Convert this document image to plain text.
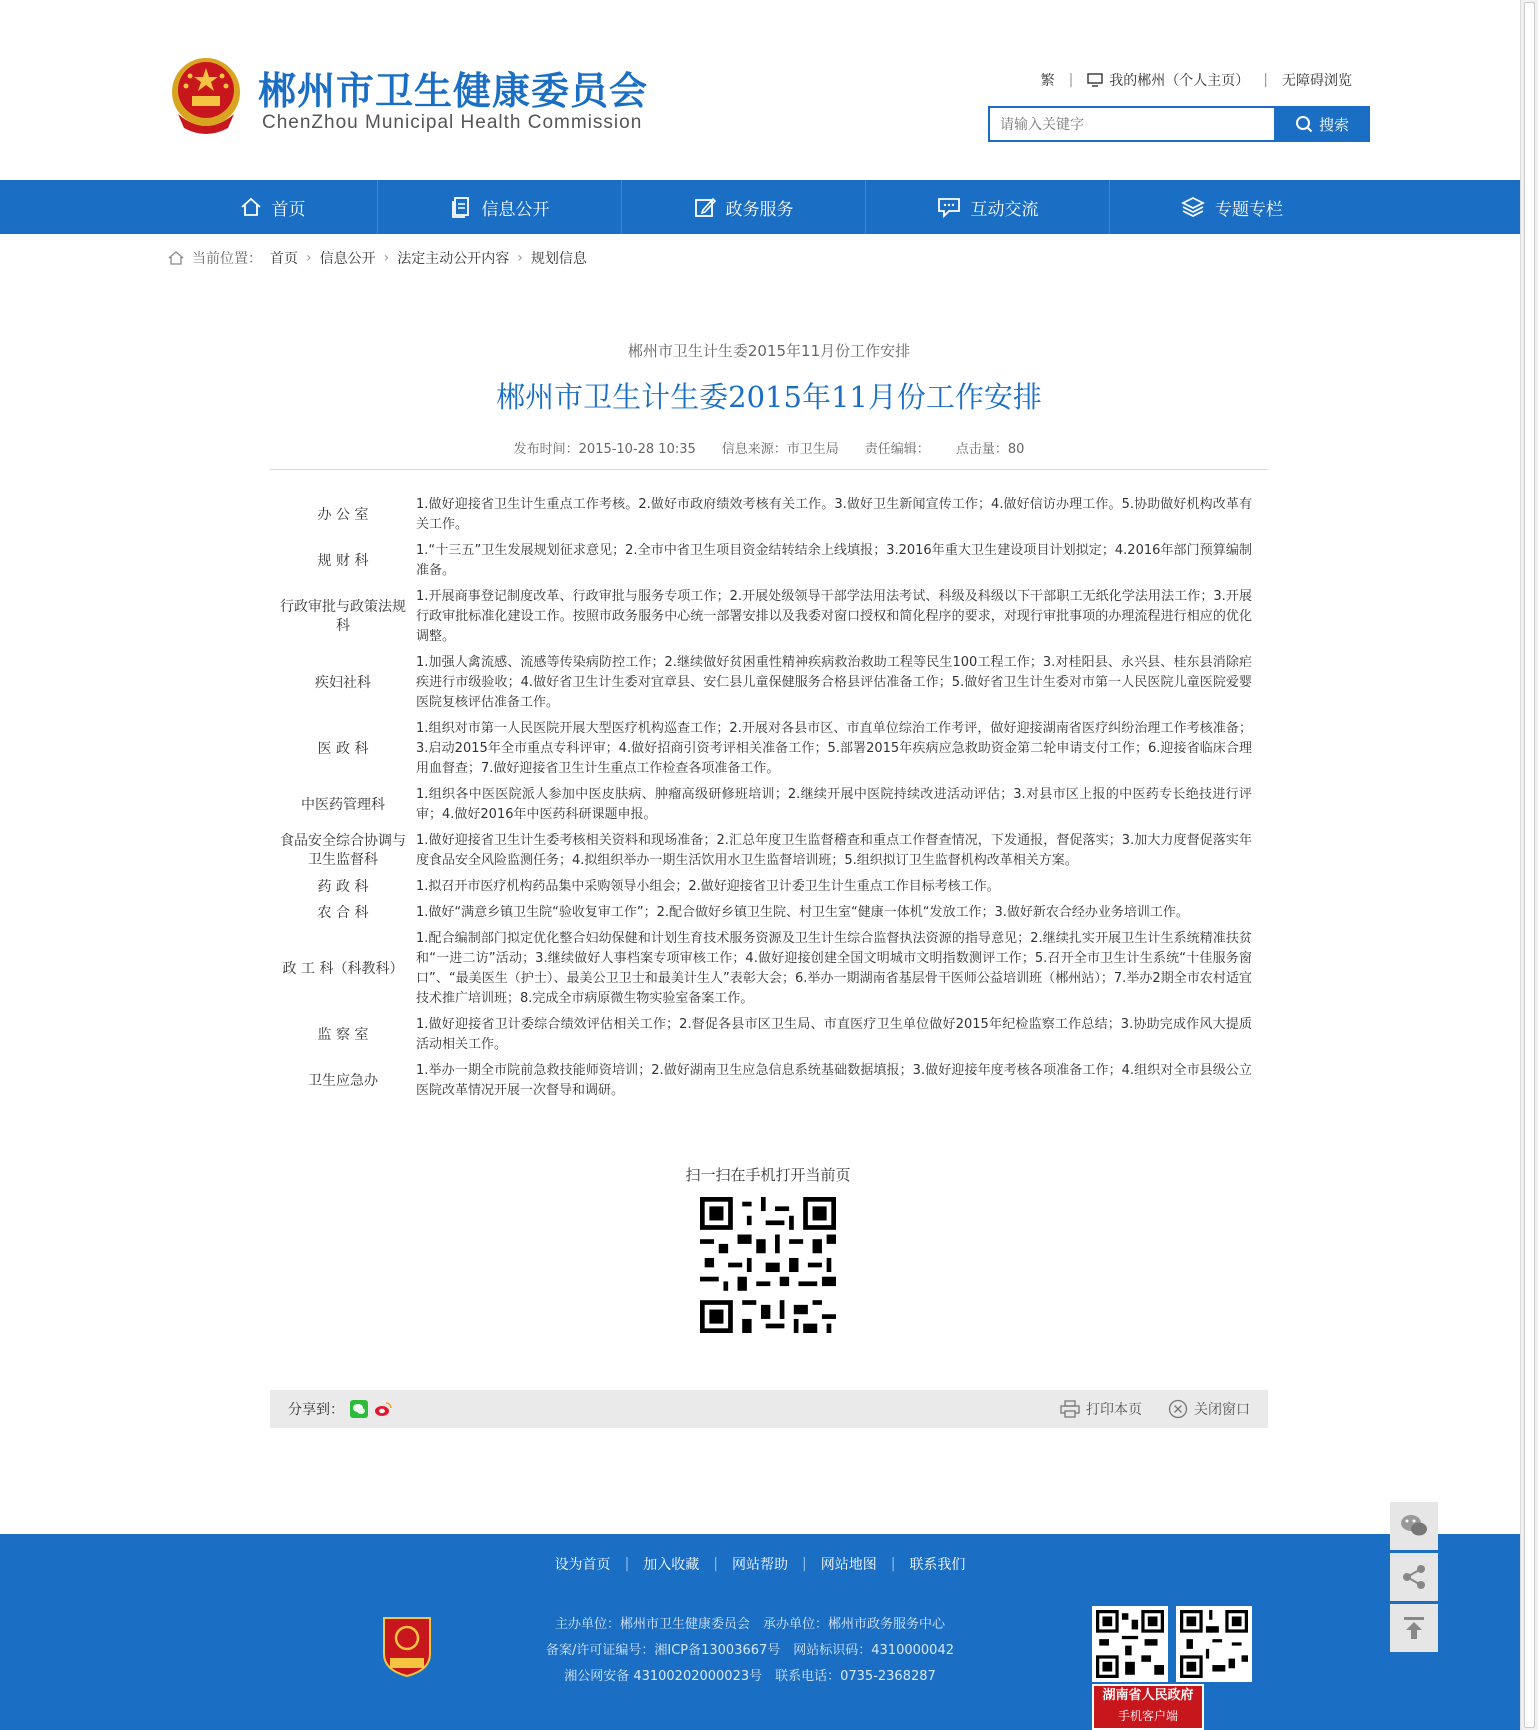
郴州市卫生健康委员会
ChenZhou Municipal Health Commission
繁 |	我的郴州（个人主页） | 无障碍浏览
请输入关键字
搜索
首页	信息公开	政务服务	互动交流	专题专栏
当前位置： 首页 › 信息公开 › 法定主动公开内容 › 规划信息
郴州市卫生计生委2015年11月份工作安排
郴州市卫生计生委2015年11月份工作安排
发布时间：2015-10-28 10:35 信息来源：市卫生局 责任编辑： 点击量：80
办 公 室	1.做好迎接省卫生计生重点工作考核。2.做好市政府绩效考核有关工作。3.做好卫生新闻宣传工作；4.做好信访办理工作。5.协助做好机构改革有关工作。
规 财 科	1.“十三五”卫生发展规划征求意见；2.全市中省卫生项目资金结转结余上线填报；3.2016年重大卫生建设项目计划拟定；4.2016年部门预算编制准备。
行政审批与政策法规科	1.开展商事登记制度改革、行政审批与服务专项工作；2.开展处级领导干部学法用法考试、科级及科级以下干部职工无纸化学法用法工作；3.开展行政审批标准化建设工作。按照市政务服务中心统一部署安排以及我委对窗口授权和简化程序的要求，对现行审批事项的办理流程进行相应的优化调整。
疾妇社科	1.加强人禽流感、流感等传染病防控工作；2.继续做好贫困重性精神疾病救治救助工程等民生100工程工作；3.对桂阳县、永兴县、桂东县消除疟疾进行市级验收；4.做好省卫生计生委对宜章县、安仁县儿童保健服务合格县评估准备工作；5.做好省卫生计生委对市第一人民医院儿童医院爱婴医院复核评估准备工作。
医 政 科	1.组织对市第一人民医院开展大型医疗机构巡查工作；2.开展对各县市区、市直单位综治工作考评，做好迎接湖南省医疗纠纷治理工作考核准备；3.启动2015年全市重点专科评审；4.做好招商引资考评相关准备工作；5.部署2015年疾病应急救助资金第二轮申请支付工作；6.迎接省临床合理用血督查；7.做好迎接省卫生计生重点工作检查各项准备工作。
中医药管理科	1.组织各中医医院派人参加中医皮肤病、肿瘤高级研修班培训；2.继续开展中医院持续改进活动评估；3.对县市区上报的中医药专长绝技进行评审；4.做好2016年中医药科研课题申报。
食品安全综合协调与卫生监督科	1.做好迎接省卫生计生委考核相关资料和现场准备；2.汇总年度卫生监督稽查和重点工作督查情况，下发通报，督促落实；3.加大力度督促落实年度食品安全风险监测任务；4.拟组织举办一期生活饮用水卫生监督培训班；5.组织拟订卫生监督机构改革相关方案。
药 政 科	1.拟召开市医疗机构药品集中采购领导小组会；2.做好迎接省卫计委卫生计生重点工作目标考核工作。
农 合 科	1.做好“满意乡镇卫生院“验收复审工作”；2.配合做好乡镇卫生院、村卫生室“健康一体机“发放工作；3.做好新农合经办业务培训工作。
政 工 科（科教科）	1.配合编制部门拟定优化整合妇幼保健和计划生育技术服务资源及卫生计生综合监督执法资源的指导意见；2.继续扎实开展卫生计生系统精准扶贫和“一进二访”活动；3.继续做好人事档案专项审核工作；4.做好迎接创建全国文明城市文明指数测评工作；5.召开全市卫生计生系统“十佳服务窗口”、“最美医生（护士）、最美公卫卫士和最美计生人”表彰大会；6.举办一期湖南省基层骨干医师公益培训班（郴州站）；7.举办2期全市农村适宜技术推广培训班；8.完成全市病原微生物实验室备案工作。
监 察 室	1.做好迎接省卫计委综合绩效评估相关工作；2.督促各县市区卫生局、市直医疗卫生单位做好2015年纪检监察工作总结；3.协助完成作风大提质活动相关工作。
卫生应急办	1.举办一期全市院前急救技能师资培训；2.做好湖南卫生应急信息系统基础数据填报；3.做好迎接年度考核各项准备工作；4.组织对全市县级公立医院改革情况开展一次督导和调研。
扫一扫在手机打开当前页
分享到：	打印本页	关闭窗口
设为首页 | 加入收藏 | 网站帮助 | 网站地图 | 联系我们
主办单位：郴州市卫生健康委员会　承办单位：郴州市政务服务中心
备案/许可证编号：湘ICP备13003667号　网站标识码：4310000042
湘公网安备 43100202000023号　联系电话：0735-2368287
湖南省人民政府
手机客户端
